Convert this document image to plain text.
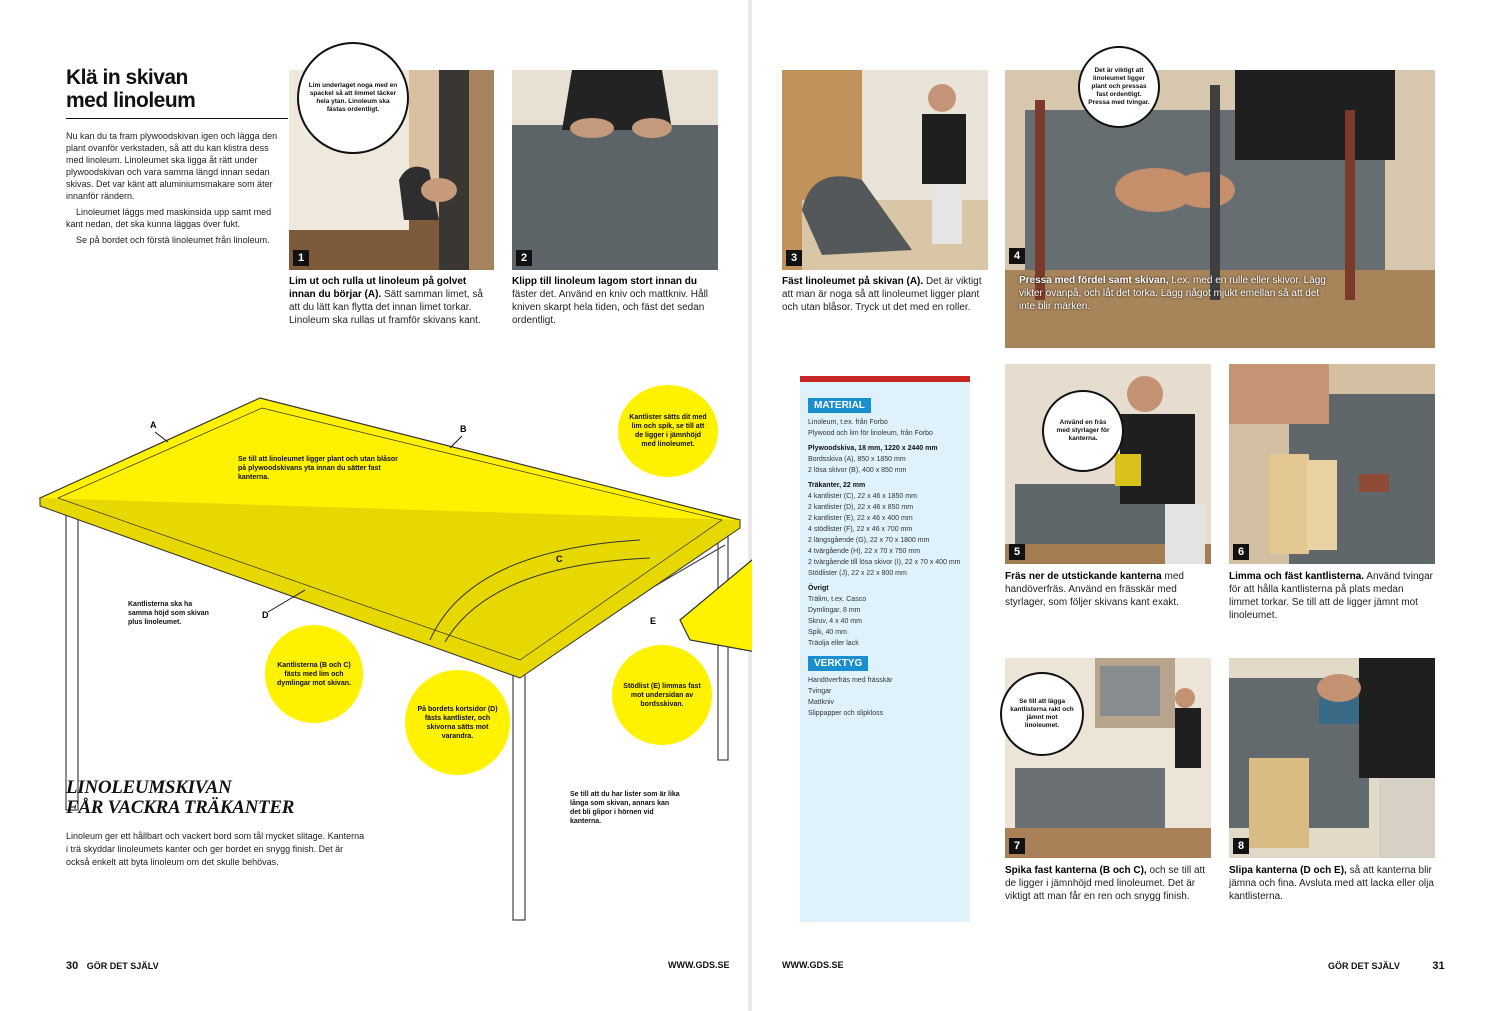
Klä in skivan
med linoleum

Nu kan du ta fram plywoodskivan igen och lägga den plant ovanför verkstaden, så att du kan klistra dess med linoleum. Linoleumet ska ligga åt rätt under plywoodskivan och vara samma längd innan sedan skivas. Det var känt att aluminiumsmakare som äter innanför rändern.

Linoleumet läggs med maskinsida upp samt med kant nedan, det ska kunna läggas över fukt.

Se på bordet och förstä linoleumet från linoleum.

1
Lim underlaget noga med en spackel så att limmet täcker hela ytan. Linoleum ska fästas ordentligt.
Lim ut och rulla ut linoleum på golvet innan du börjar (A). Sätt samman limet, så att du lätt kan flytta det innan limet torkar. Linoleum ska rullas ut framför skivans kant.
2
Klipp till linoleum lagom stort innan du fäster det. Använd en kniv och mattkniv. Håll kniven skarpt hela tiden, och fäst det sedan ordentligt.
A	B
C
D
E
Se till att linoleumet ligger plant och utan blåsor på plywoodskivans yta innan du sätter fast kanterna.
Kantlister sätts dit med lim och spik, se till att de ligger i jämnhöjd med linoleumet.
Kantlisterna (B och C) fästs med lim och dymlingar mot skivan.
På bordets kortsidor (D) fästs kantlister, och skivorna sätts mot varandra.
Stödlist (E) limmas fast mot undersidan av bordsskivan.
Kantlisterna ska ha samma höjd som skivan plus linoleumet.
Se till att du har lister som är lika långa som skivan, annars kan det bli glipor i hörnen vid kanterna.
LINOLEUMSKIVAN
FÅR VACKRA TRÄKANTER
Linoleum ger ett hållbart och vackert bord som tål mycket slitage. Kanterna i trä skyddar linoleumets kanter och ger bordet en snygg finish. Det är också enkelt att byta linoleum om det skulle behövas.
30 GÖR DET SJÄLV	WWW.GDS.SE
3
Fäst linoleumet på skivan (A). Det är viktigt att man är noga så att linoleumet ligger plant och utan blåsor. Tryck ut det med en roller.
4
Pressa med fördel samt skivan, t.ex. med en rulle eller skivor. Lägg vikter ovanpå, och låt det torka. Lägg något mjukt emellan så att det inte blir märken.
Det är viktigt att linoleumet ligger plant och pressas fast ordentligt. Pressa med tvingar.
MATERIAL
Linoleum, t.ex. från Forbo
Plywood och lim för linoleum, från Forbo
Plywoodskiva, 18 mm, 1220 x 2440 mm
Bordsskiva (A), 850 x 1850 mm
2 lösa skivor (B), 400 x 850 mm
Träkanter, 22 mm
4 kantlister (C), 22 x 46 x 1850 mm
2 kantlister (D), 22 x 46 x 850 mm
2 kantlister (E), 22 x 46 x 400 mm
4 stödlister (F), 22 x 46 x 700 mm
2 längsgående (G), 22 x 70 x 1800 mm
4 tvärgående (H), 22 x 70 x 750 mm
2 tvärgående till lösa skivor (I), 22 x 70 x 400 mm
Stödlister (J), 22 x 22 x 800 mm
Övrigt
Trälim, t.ex. Casco
Dymlingar, 8 mm
Skruv, 4 x 40 mm
Spik, 40 mm
Träolja eller lack
VERKTYG
Handöverfräs med frässkär
Tvingar
Mattkniv
Slippapper och slipkloss
5
Använd en fräs med styrlager för kanterna.
Fräs ner de utstickande kanterna med handöverfräs. Använd en frässkär med styrlager, som följer skivans kant exakt.
6
Limma och fäst kantlisterna. Använd tvingar för att hålla kantlisterna på plats medan limmet torkar. Se till att de ligger jämnt mot linoleumet.
7
Se till att lägga kantlisterna rakt och jämnt mot linoleumet.
Spika fast kanterna (B och C), och se till att de ligger i jämnhöjd med linoleumet. Det är viktigt att man får en ren och snygg finish.
8
Slipa kanterna (D och E), så att kanterna blir jämna och fina. Avsluta med att lacka eller olja kantlisterna.
WWW.GDS.SE	GÖR DET SJÄLV	31
